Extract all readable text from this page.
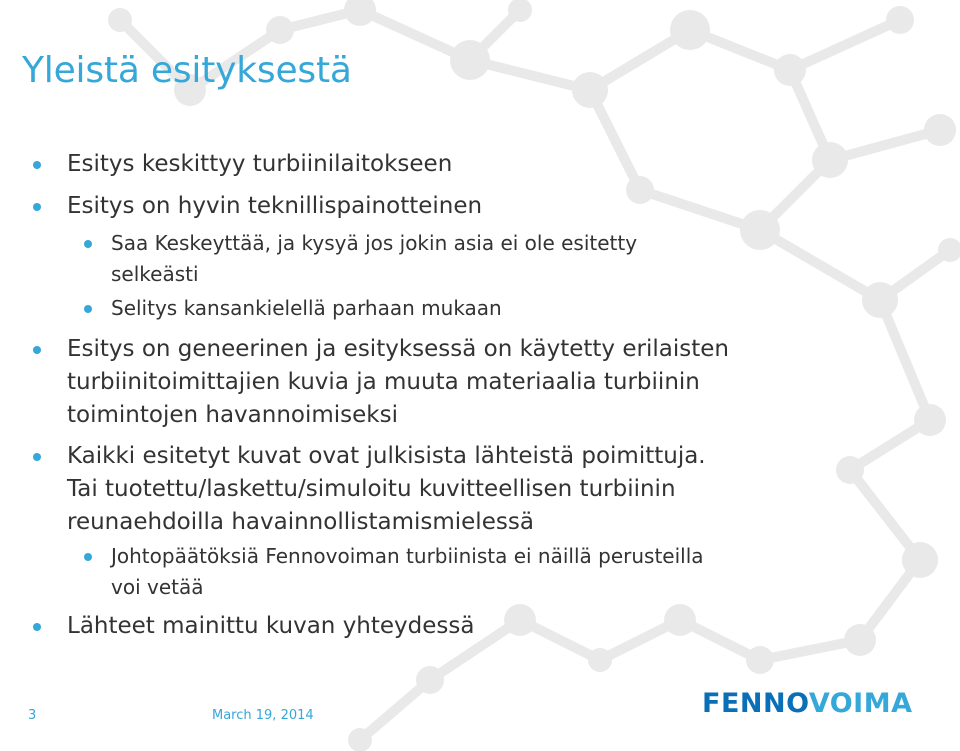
Yleistä esityksestä
Esitys keskittyy turbiinilaitokseen
Esitys on hyvin teknillispainotteinen
Saa Keskeyttää, ja kysyä jos jokin asia ei ole esitetty
selkeästi
Selitys kansankielellä parhaan mukaan
Esitys on geneerinen ja esityksessä on käytetty erilaisten
turbiinitoimittajien kuvia ja muuta materiaalia turbiinin
toimintojen havannoimiseksi
Kaikki esitetyt kuvat ovat julkisista lähteistä poimittuja.
Tai tuotettu/laskettu/simuloitu kuvitteellisen turbiinin
reunaehdoilla havainnollistamismielessä
Johtopäätöksiä Fennovoiman turbiinista ei näillä perusteilla
voi vetää
Lähteet mainittu kuvan yhteydessä
3	March 19, 2014	FENNOVOIMA
